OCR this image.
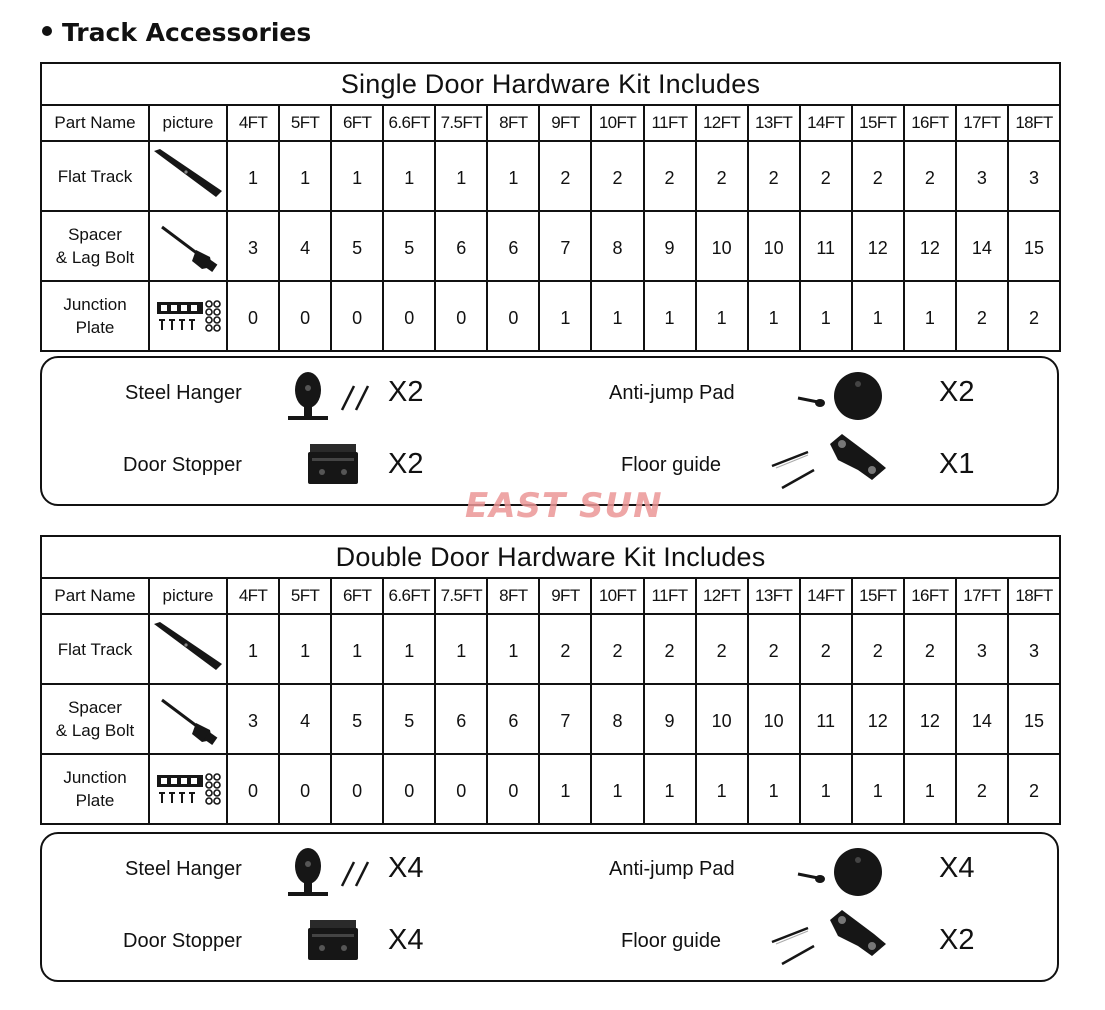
Track Accessories
Single Door Hardware Kit Includes																	
Part Name	picture	4FT	5FT	6FT	6.6FT	7.5FT	8FT	9FT	10FT	11FT	12FT	13FT	14FT	15FT	16FT	17FT	18FT
Flat Track		1	1	1	1	1	1	2	2	2	2	2	2	2	2	3	3
Spacer
& Lag Bolt		3	4	5	5	6	6	7	8	9	10	10	11	12	12	14	15
Junction
Plate		0	0	0	0	0	0	1	1	1	1	1	1	1	1	2	2
Steel Hanger	X2
Door Stopper	X2
Anti-jump Pad	X2
Floor guide	X1
EAST SUN
Double Door Hardware Kit Includes																	
Part Name	picture	4FT	5FT	6FT	6.6FT	7.5FT	8FT	9FT	10FT	11FT	12FT	13FT	14FT	15FT	16FT	17FT	18FT
Flat Track		1	1	1	1	1	1	2	2	2	2	2	2	2	2	3	3
Spacer
& Lag Bolt		3	4	5	5	6	6	7	8	9	10	10	11	12	12	14	15
Junction
Plate		0	0	0	0	0	0	1	1	1	1	1	1	1	1	2	2
Steel Hanger	X4
Door Stopper	X4
Anti-jump Pad	X4
Floor guide	X2
